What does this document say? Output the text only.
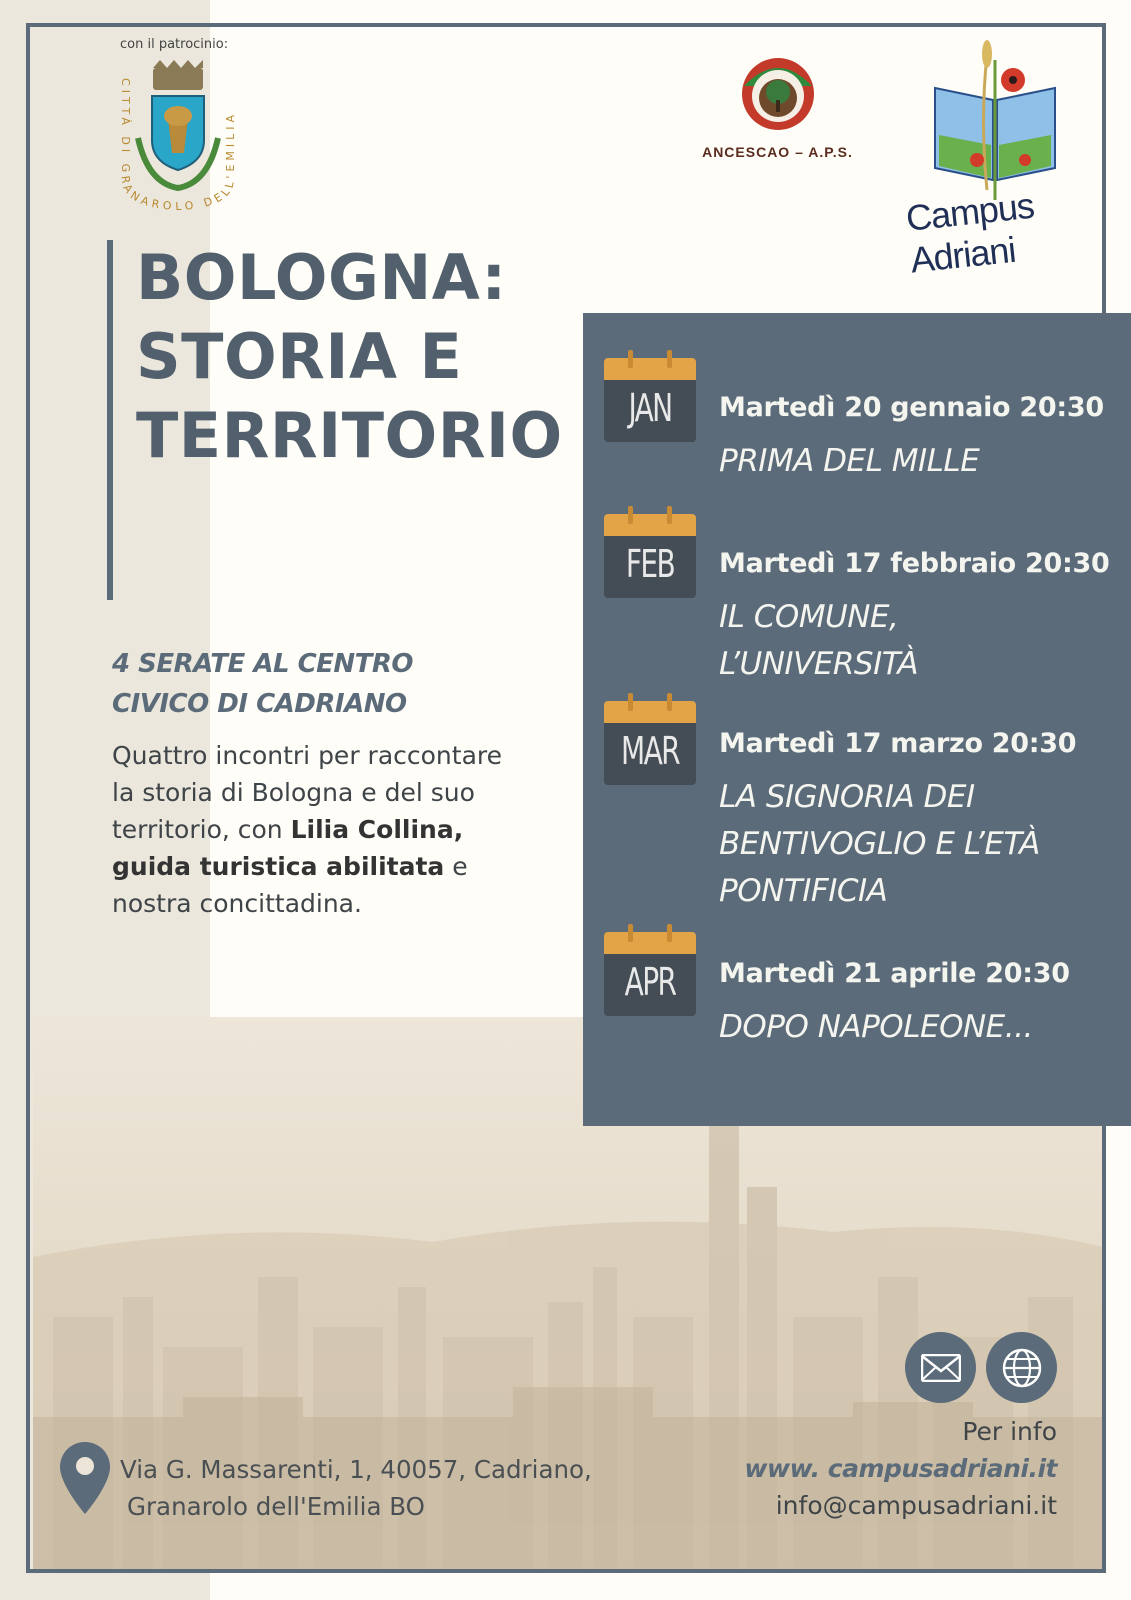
con il patrocinio:
CITTÀ DI GRANAROLO DELL'EMILIA
ANCESCAO – A.P.S.
Campus Adriani
BOLOGNA:
STORIA E
TERRITORIO
4 SERATE AL CENTRO
CIVICO DI CADRIANO

Quattro incontri per raccontare la storia di Bologna e del suo territorio, con Lilia Collina, guida turistica abilitata e nostra concittadina.

JAN	Martedì 20 gennaio 20:30
PRIMA DEL MILLE
FEB	Martedì 17 febbraio 20:30
IL COMUNE,
L’UNIVERSITÀ
MAR	Martedì 17 marzo 20:30
LA SIGNORIA DEI
BENTIVOGLIO E L’ETÀ
PONTIFICIA
APR	Martedì 21 aprile 20:30
DOPO NAPOLEONE...
Via G. Massarenti, 1, 40057, Cadriano,
Granarolo dell'Emilia BO
Per info
www. campusadriani.it
info@campusadriani.it
